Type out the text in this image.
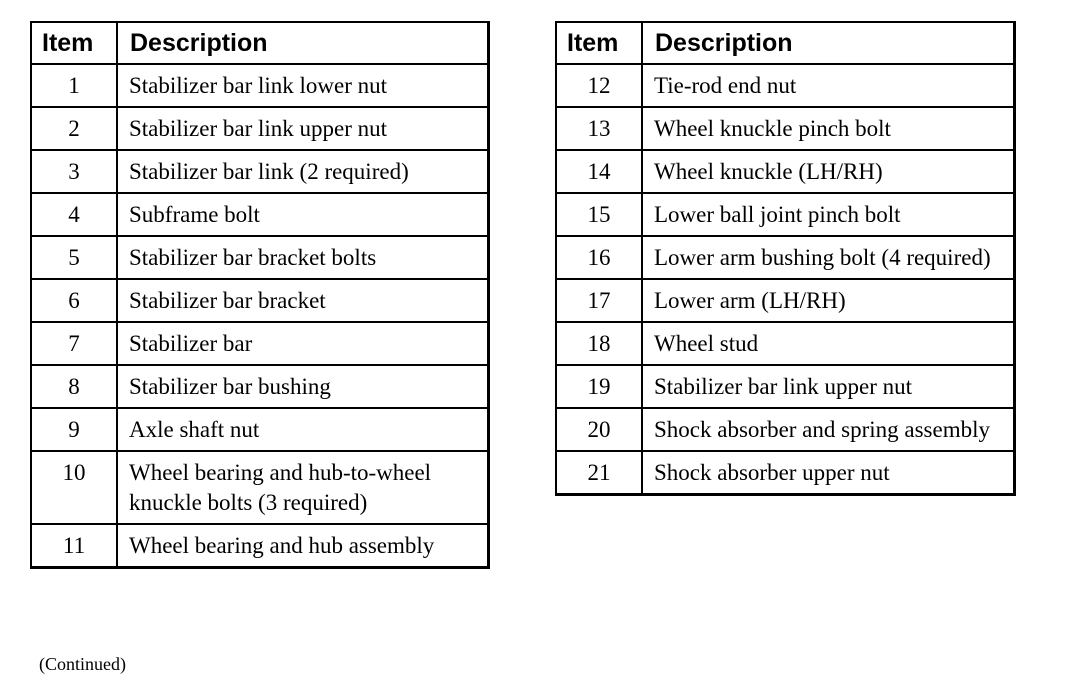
Item	Description
1	Stabilizer bar link lower nut
2	Stabilizer bar link upper nut
3	Stabilizer bar link (2 required)
4	Subframe bolt
5	Stabilizer bar bracket bolts
6	Stabilizer bar bracket
7	Stabilizer bar
8	Stabilizer bar bushing
9	Axle shaft nut
10	Wheel bearing and hub-to-wheel knuckle bolts (3 required)
11	Wheel bearing and hub assembly
Item	Description
12	Tie-rod end nut
13	Wheel knuckle pinch bolt
14	Wheel knuckle (LH/RH)
15	Lower ball joint pinch bolt
16	Lower arm bushing bolt (4 required)
17	Lower arm (LH/RH)
18	Wheel stud
19	Stabilizer bar link upper nut
20	Shock absorber and spring assembly
21	Shock absorber upper nut
(Continued)
